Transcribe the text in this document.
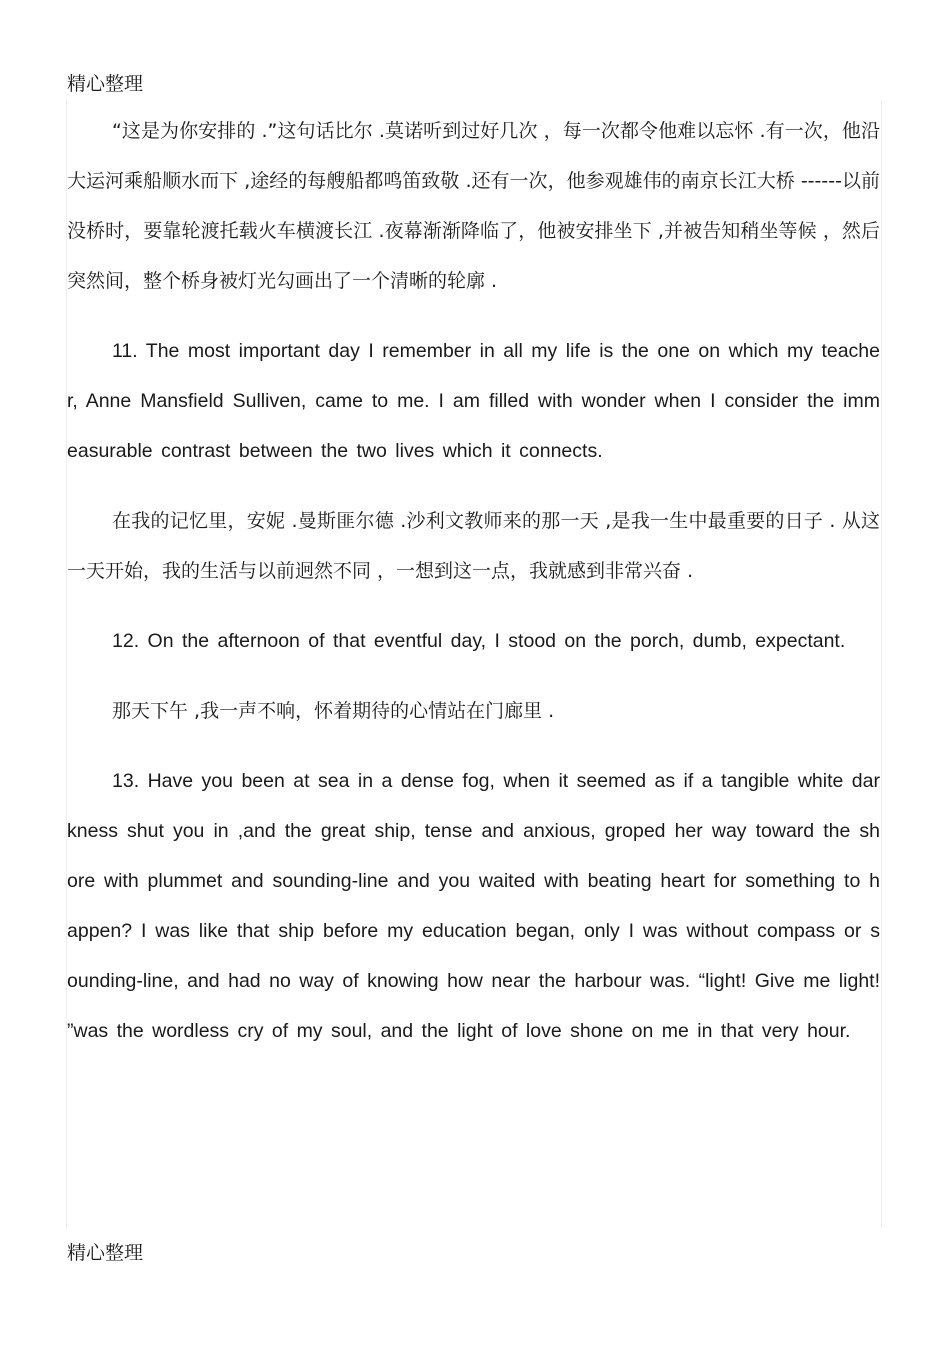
精心整理

“这是为你安排的 .”这句话比尔 .莫诺听到过好几次 ，每一次都令他难以忘怀 .有一次，他沿大运河乘船顺水而下 ,途经的每艘船都鸣笛致敬 .还有一次，他参观雄伟的南京长江大桥 ------以前没桥时，要靠轮渡托载火车横渡长江 .夜幕渐渐降临了，他被安排坐下 ,并被告知稍坐等候 ，然后突然间，整个桥身被灯光勾画出了一个清晰的轮廓 .

11. The most important day I remember in all my life is the one on which my teacher, Anne Mansfield Sulliven, came to me. I am filled with wonder when I consider the immeasurable contrast between the two lives which it connects.

在我的记忆里，安妮 .曼斯匪尔德 .沙利文教师来的那一天 ,是我一生中最重要的日子 . 从这一天开始，我的生活与以前迥然不同 ，一想到这一点，我就感到非常兴奋 .

12. On the afternoon of that eventful day, I stood on the porch, dumb, expectant.

那天下午 ,我一声不响，怀着期待的心情站在门廊里 .

13. Have you been at sea in a dense fog, when it seemed as if a tangible white darkness shut you in ,and the great ship, tense and anxious, groped her way toward the shore with plummet and sounding-line and you waited with beating heart for something to happen? I was like that ship before my education began, only I was without compass or sounding-line, and had no way of knowing how near the harbour was. “light! Give me light! ”was the wordless cry of my soul, and the light of love shone on me in that very hour.

精心整理
